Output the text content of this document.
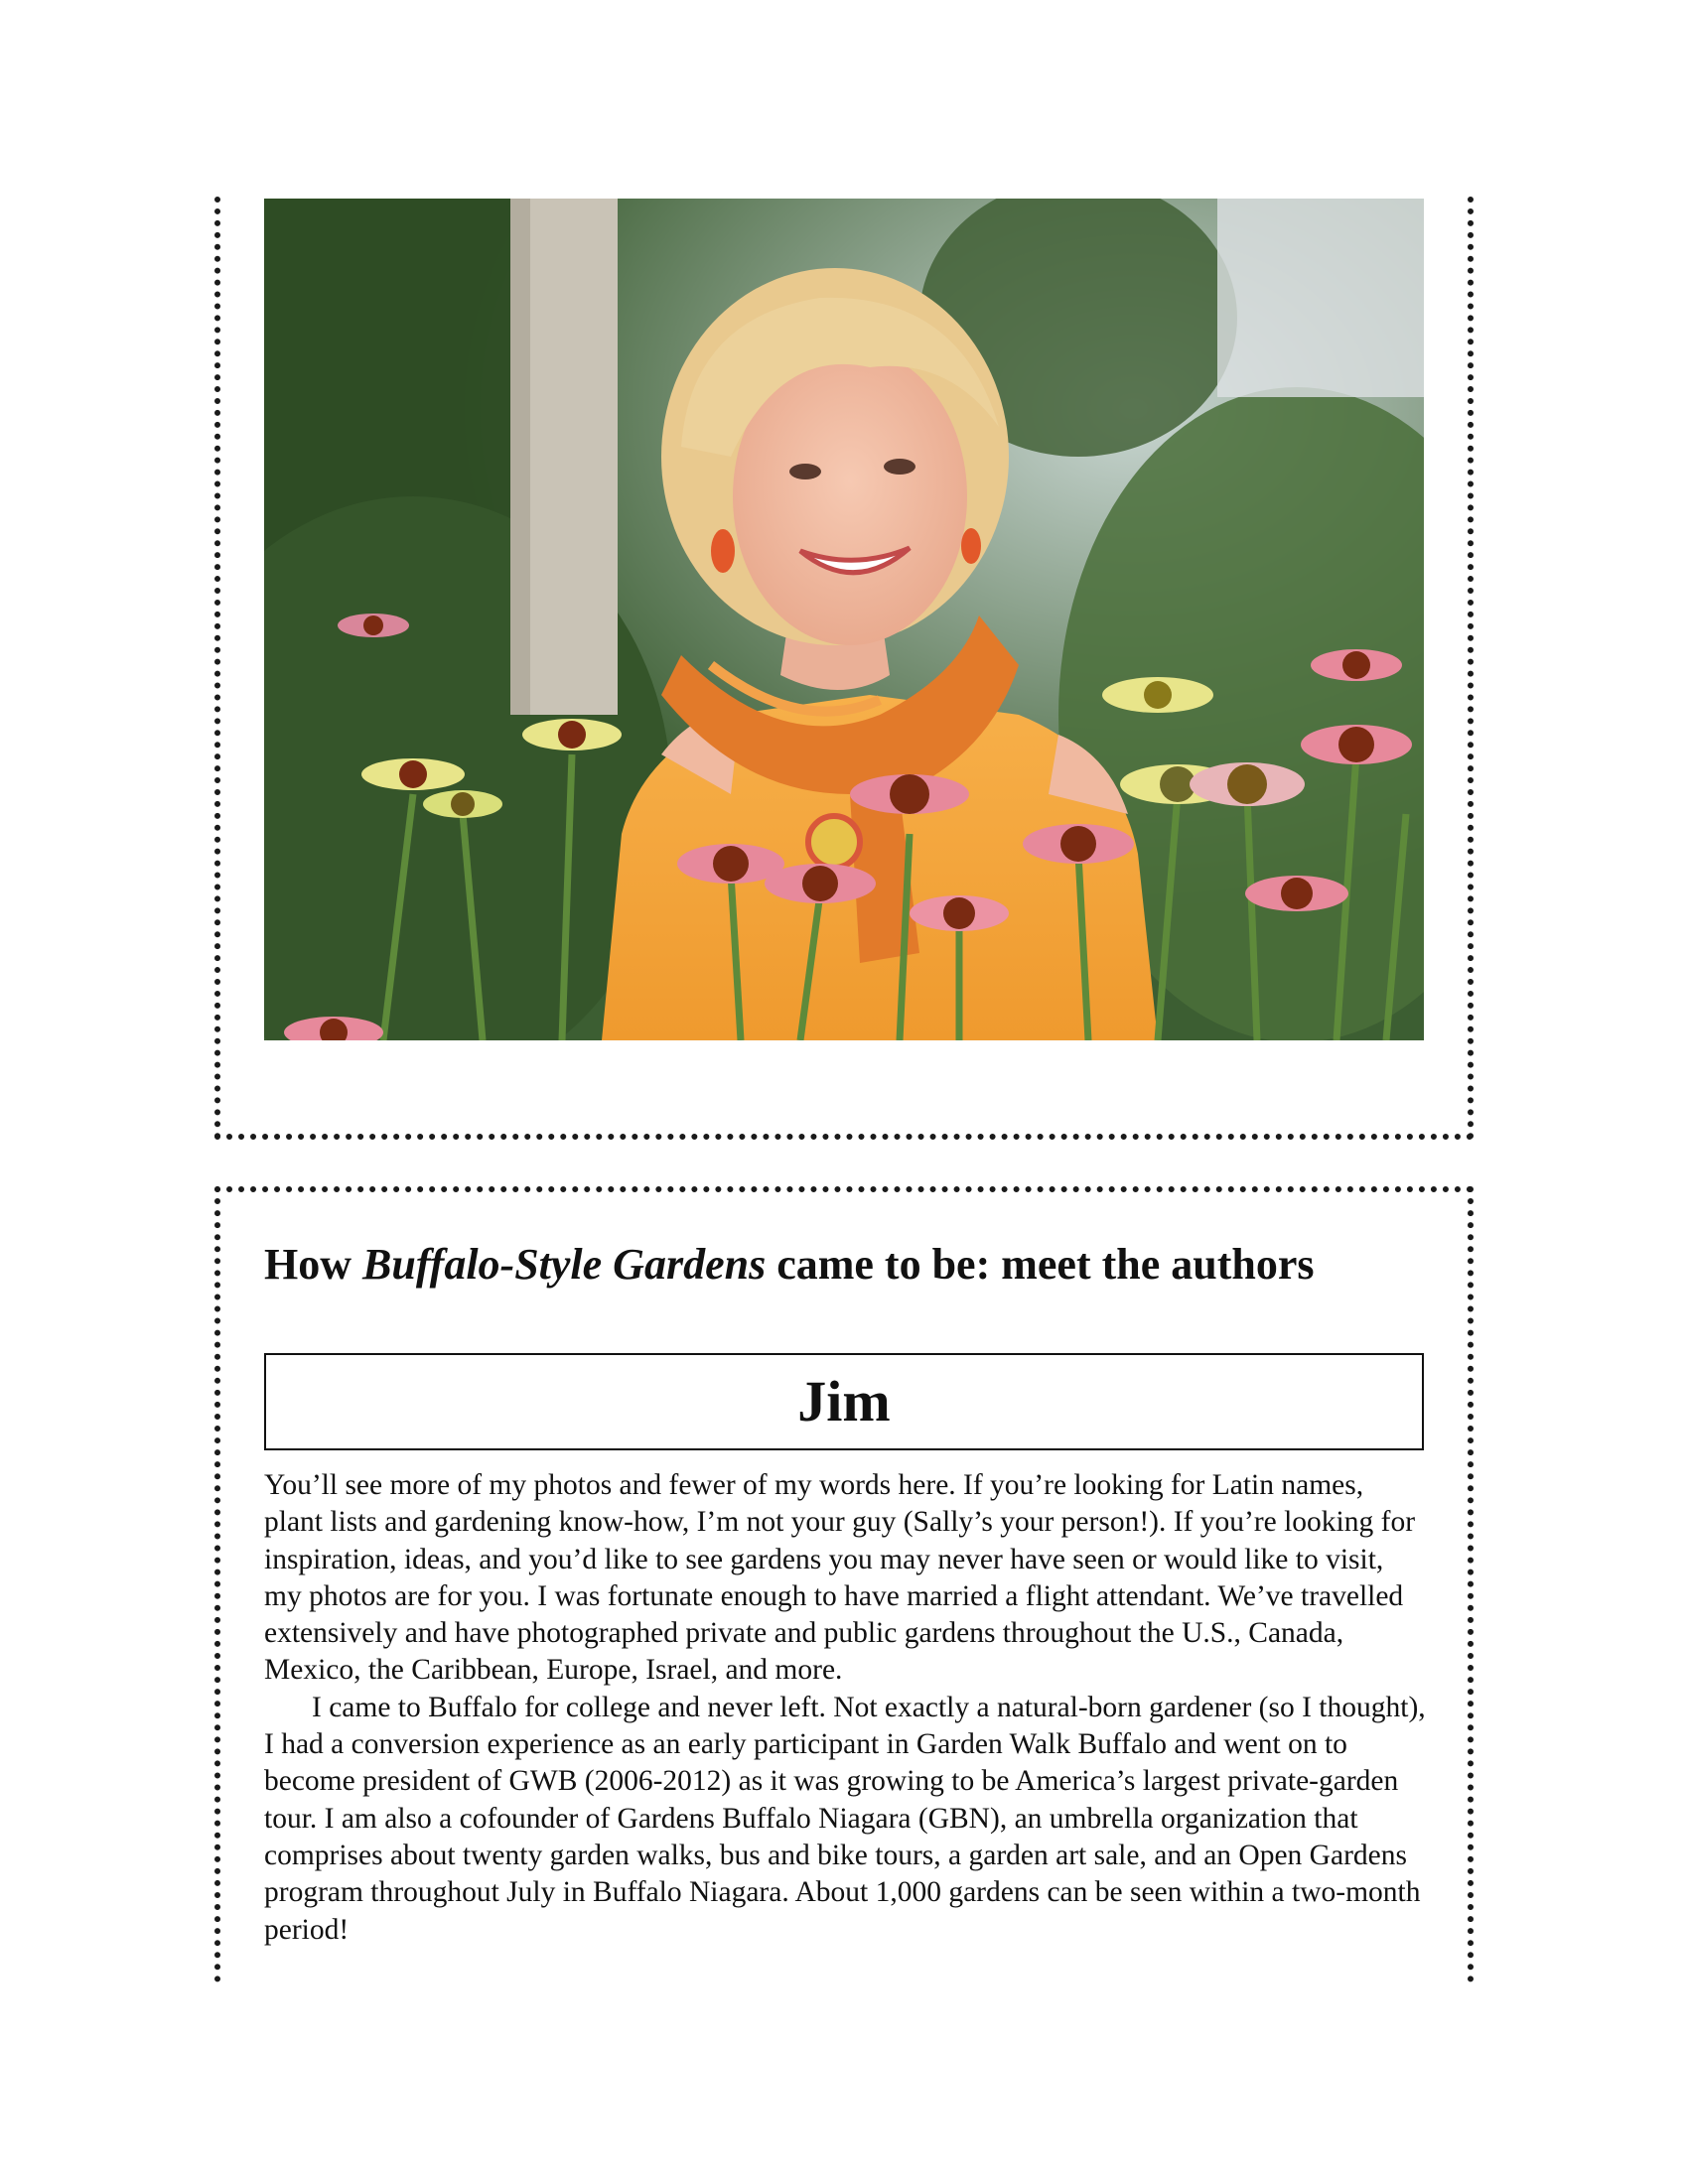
How Buffalo-Style Gardens came to be: meet the authors
Jim

You’ll see more of my photos and fewer of my words here. If you’re looking for Latin names, plant lists and gardening know-how, I’m not your guy (Sally’s your person!). If you’re looking for inspiration, ideas, and you’d like to see gardens you may never have seen or would like to visit, my photos are for you. I was fortunate enough to have married a flight attendant. We’ve travelled extensively and have photographed private and public gardens throughout the U.S., Canada, Mexico, the Caribbean, Europe, Israel, and more.

I came to Buffalo for college and never left. Not exactly a natural-born gardener (so I thought), I had a conversion experience as an early participant in Garden Walk Buffalo and went on to become president of GWB (2006-2012) as it was growing to be America’s largest private-garden tour. I am also a cofounder of Gardens Buffalo Niagara (GBN), an umbrella organization that comprises about twenty garden walks, bus and bike tours, a garden art sale, and an Open Gardens program throughout July in Buffalo Niagara. About 1,000 gardens can be seen within a two-month period!
